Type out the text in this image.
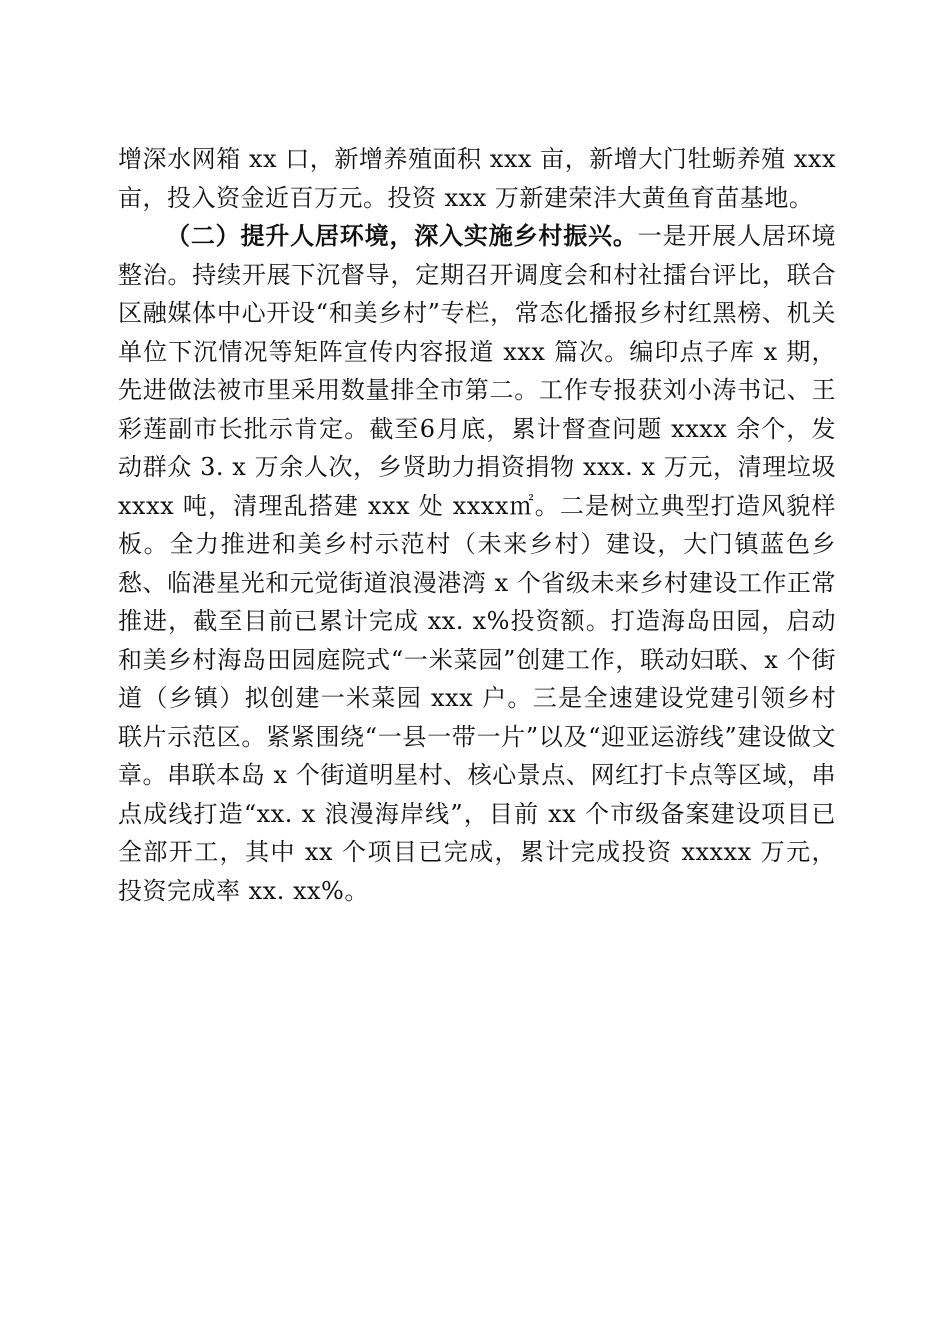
增深水网箱 xx 口，新增养殖面积 xxx 亩，新增大门牡蛎养殖 xxx 亩，投入资金近百万元。投资 xxx 万新建荣沣大黄鱼育苗基地。

（二）提升人居环境，深入实施乡村振兴。一是开展人居环境整治。持续开展下沉督导，定期召开调度会和村社擂台评比，联合区融媒体中心开设“和美乡村”专栏，常态化播报乡村红黑榜、机关单位下沉情况等矩阵宣传内容报道 xxx 篇次。编印点子库 x 期，先进做法被市里采用数量排全市第二。工作专报获刘小涛书记、王彩莲副市长批示肯定。截至6月底，累计督查问题 xxxx 余个，发动群众 3. x 万余人次，乡贤助力捐资捐物 xxx. x 万元，清理垃圾 xxxx 吨，清理乱搭建 xxx 处 xxxx㎡。二是树立典型打造风貌样板。全力推进和美乡村示范村（未来乡村）建设，大门镇蓝色乡愁、临港星光和元觉街道浪漫港湾 x 个省级未来乡村建设工作正常推进，截至目前已累计完成 xx. x%投资额。打造海岛田园，启动和美乡村海岛田园庭院式“一米菜园”创建工作，联动妇联、x 个街道（乡镇）拟创建一米菜园 xxx 户。三是全速建设党建引领乡村联片示范区。紧紧围绕“一县一带一片”以及“迎亚运游线”建设做文章。串联本岛 x 个街道明星村、核心景点、网红打卡点等区域，串点成线打造“xx. x 浪漫海岸线”，目前 xx 个市级备案建设项目已全部开工，其中 xx 个项目已完成，累计完成投资 xxxxx 万元，投资完成率 xx. xx%。
